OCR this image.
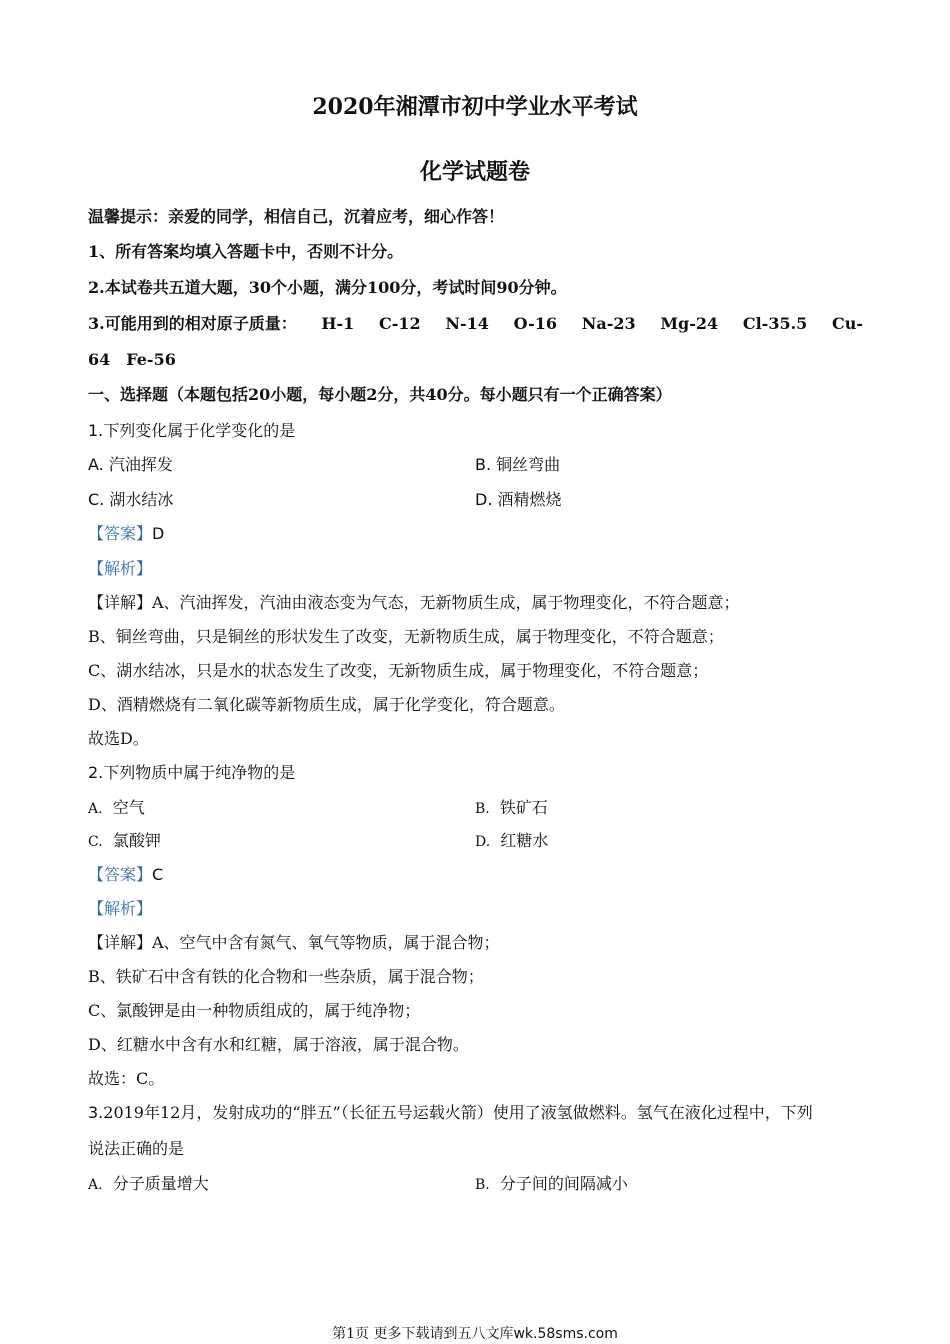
2020年湘潭市初中学业水平考试
化学试题卷
温馨提示：亲爱的同学，相信自己，沉着应考，细心作答！
1、所有答案均填入答题卡中，否则不计分。
2.本试卷共五道大题，30个小题，满分100分，考试时间90分钟。
3.可能用到的相对原子质量： H-1 C-12 N-14 O-16 Na-23 Mg-24 Cl-35.5 Cu-
64　Fe-56
一、选择题（本题包括20小题，每小题2分，共40分。每小题只有一个正确答案）
1.下列变化属于化学变化的是
A. 汽油挥发	B. 铜丝弯曲
C. 湖水结冰	D. 酒精燃烧
【答案】D
【解析】
【详解】A、汽油挥发，汽油由液态变为气态，无新物质生成，属于物理变化，不符合题意；
B、铜丝弯曲，只是铜丝的形状发生了改变，无新物质生成，属于物理变化，不符合题意；
C、湖水结冰，只是水的状态发生了改变，无新物质生成，属于物理变化，不符合题意；
D、酒精燃烧有二氧化碳等新物质生成，属于化学变化，符合题意。
故选D。
2.下列物质中属于纯净物的是
A. 空气	B. 铁矿石
C. 氯酸钾	D. 红糖水
【答案】C
【解析】
【详解】A、空气中含有氮气、氧气等物质，属于混合物；
B、铁矿石中含有铁的化合物和一些杂质，属于混合物；
C、氯酸钾是由一种物质组成的，属于纯净物；
D、红糖水中含有水和红糖，属于溶液，属于混合物。
故选：C。
3.2019年12月，发射成功的“胖五”（长征五号运载火箭）使用了液氢做燃料。氢气在液化过程中，下列
说法正确的是
A. 分子质量增大	B. 分子间的间隔减小
第1页 更多下载请到五八文库wk.58sms.com
